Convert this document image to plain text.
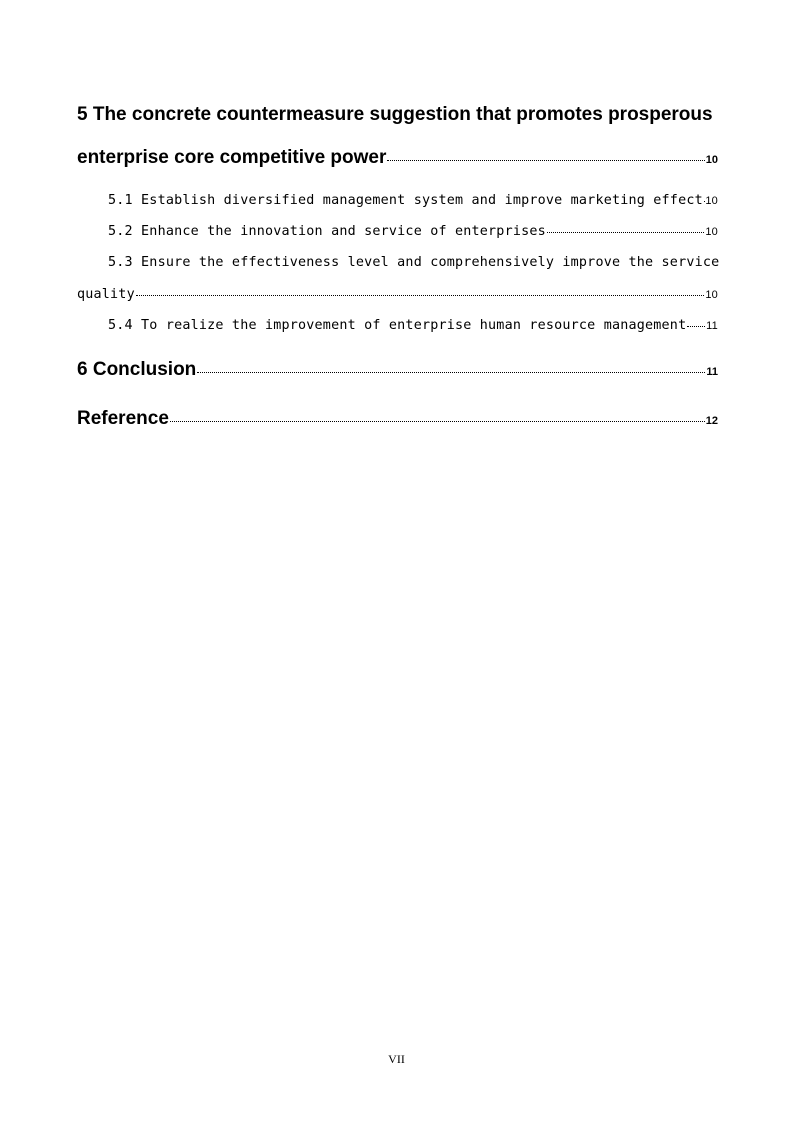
5 The concrete countermeasure suggestion that promotes prosperous
enterprise core competitive power	10
5.1 Establish diversified management system and improve marketing effect 10
5.2 Enhance the innovation and service of enterprises	10
5.3 Ensure the effectiveness level and comprehensively improve the service
quality	10
5.4 To realize the improvement of enterprise human resource management 11
6 Conclusion	11
Reference	12
VII
